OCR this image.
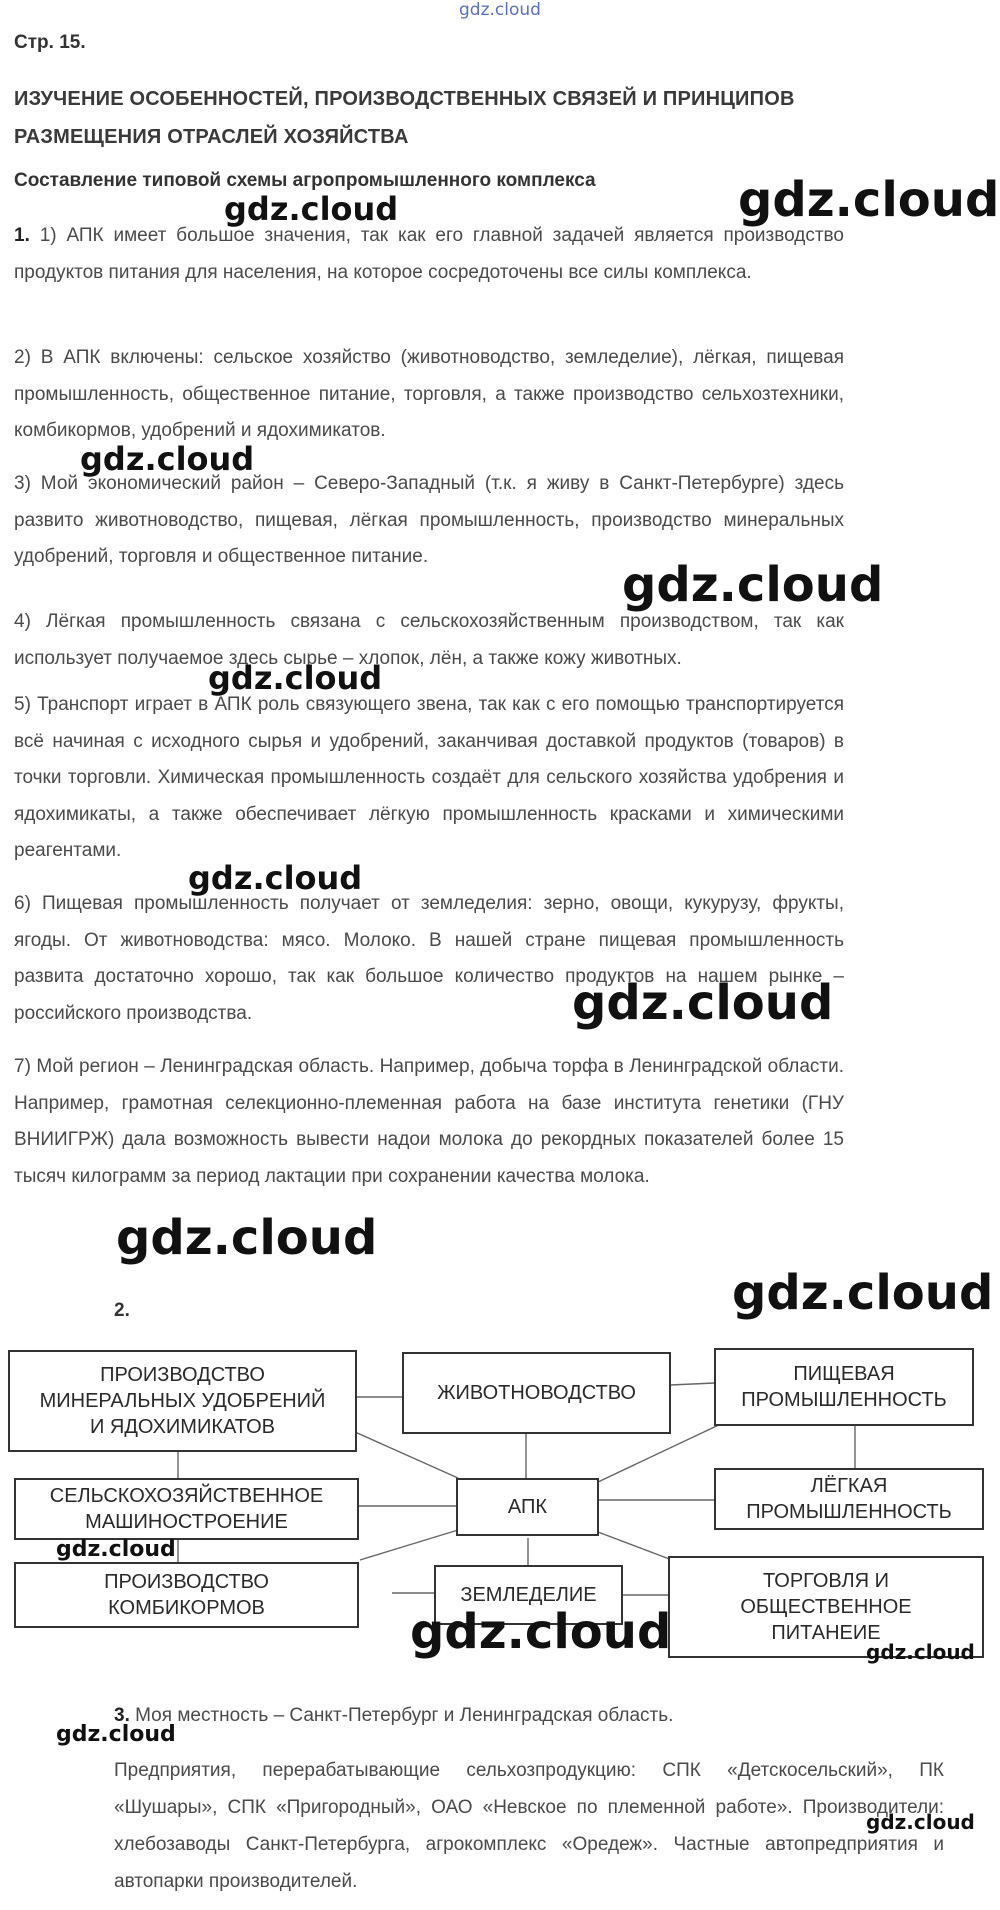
gdz.cloud
Стр. 15.
ИЗУЧЕНИЕ ОСОБЕННОСТЕЙ, ПРОИЗВОДСТВЕННЫХ СВЯЗЕЙ И ПРИНЦИПОВ
РАЗМЕЩЕНИЯ ОТРАСЛЕЙ ХОЗЯЙСТВА
Составление типовой схемы агропромышленного комплекса
1. 1) АПК имеет большое значения, так как его главной задачей является производство продуктов питания для населения, на которое сосредоточены все силы комплекса.
2) В АПК включены: сельское хозяйство (животноводство, земледелие), лёгкая, пищевая промышленность, общественное питание, торговля, а также производство сельхозтехники, комбикормов, удобрений и ядохимикатов.
3) Мой экономический район – Северо-Западный (т.к. я живу в Санкт-Петербурге) здесь развито животноводство, пищевая, лёгкая промышленность, производство минеральных удобрений, торговля и общественное питание.
4) Лёгкая промышленность связана с сельскохозяйственным производством, так как использует получаемое здесь сырье – хлопок, лён, а также кожу животных.
5) Транспорт играет в АПК роль связующего звена, так как с его помощью транспортируется всё начиная с исходного сырья и удобрений, заканчивая доставкой продуктов (товаров) в точки торговли. Химическая промышленность создаёт для сельского хозяйства удобрения и ядохимикаты, а также обеспечивает лёгкую промышленность красками и химическими реагентами.
6) Пищевая промышленность получает от земледелия: зерно, овощи, кукурузу, фрукты, ягоды. От животноводства: мясо. Молоко. В нашей стране пищевая промышленность развита достаточно хорошо, так как большое количество продуктов на нашем рынке – российского производства.
7) Мой регион – Ленинградская область. Например, добыча торфа в Ленинградской области. Например, грамотная селекционно-племенная работа на базе института генетики (ГНУ ВНИИГРЖ) дала возможность вывести надои молока до рекордных показателей более 15 тысяч килограмм за период лактации при сохранении качества молока.
2.
ПРОИЗВОДСТВО
МИНЕРАЛЬНЫХ УДОБРЕНИЙ
И ЯДОХИМИКАТОВ
ЖИВОТНОВОДСТВО
ПИЩЕВАЯ
ПРОМЫШЛЕННОСТЬ
СЕЛЬСКОХОЗЯЙСТВЕННОЕ
МАШИНОСТРОЕНИЕ
АПК
ЛЁГКАЯ
ПРОМЫШЛЕННОСТЬ
ПРОИЗВОДСТВО
КОМБИКОРМОВ
ЗЕМЛЕДЕЛИЕ
ТОРГОВЛЯ И
ОБЩЕСТВЕННОЕ
ПИТАНЕИЕ
3. Моя местность – Санкт-Петербург и Ленинградская область.
Предприятия, перерабатывающие сельхозпродукцию: СПК «Детскосельский», ПК «Шушары», СПК «Пригородный», ОАО «Невское по племенной работе». Производители: хлебозаводы Санкт-Петербурга, агрокомплекс «Оредеж». Частные автопредприятия и автопарки производителей.
gdz.cloud	gdz.cloud
gdz.cloud
gdz.cloud
gdz.cloud
gdz.cloud
gdz.cloud
gdz.cloud
gdz.cloud
gdz.cloud
gdz.cloud	gdz.cloud
gdz.cloud
gdz.cloud
